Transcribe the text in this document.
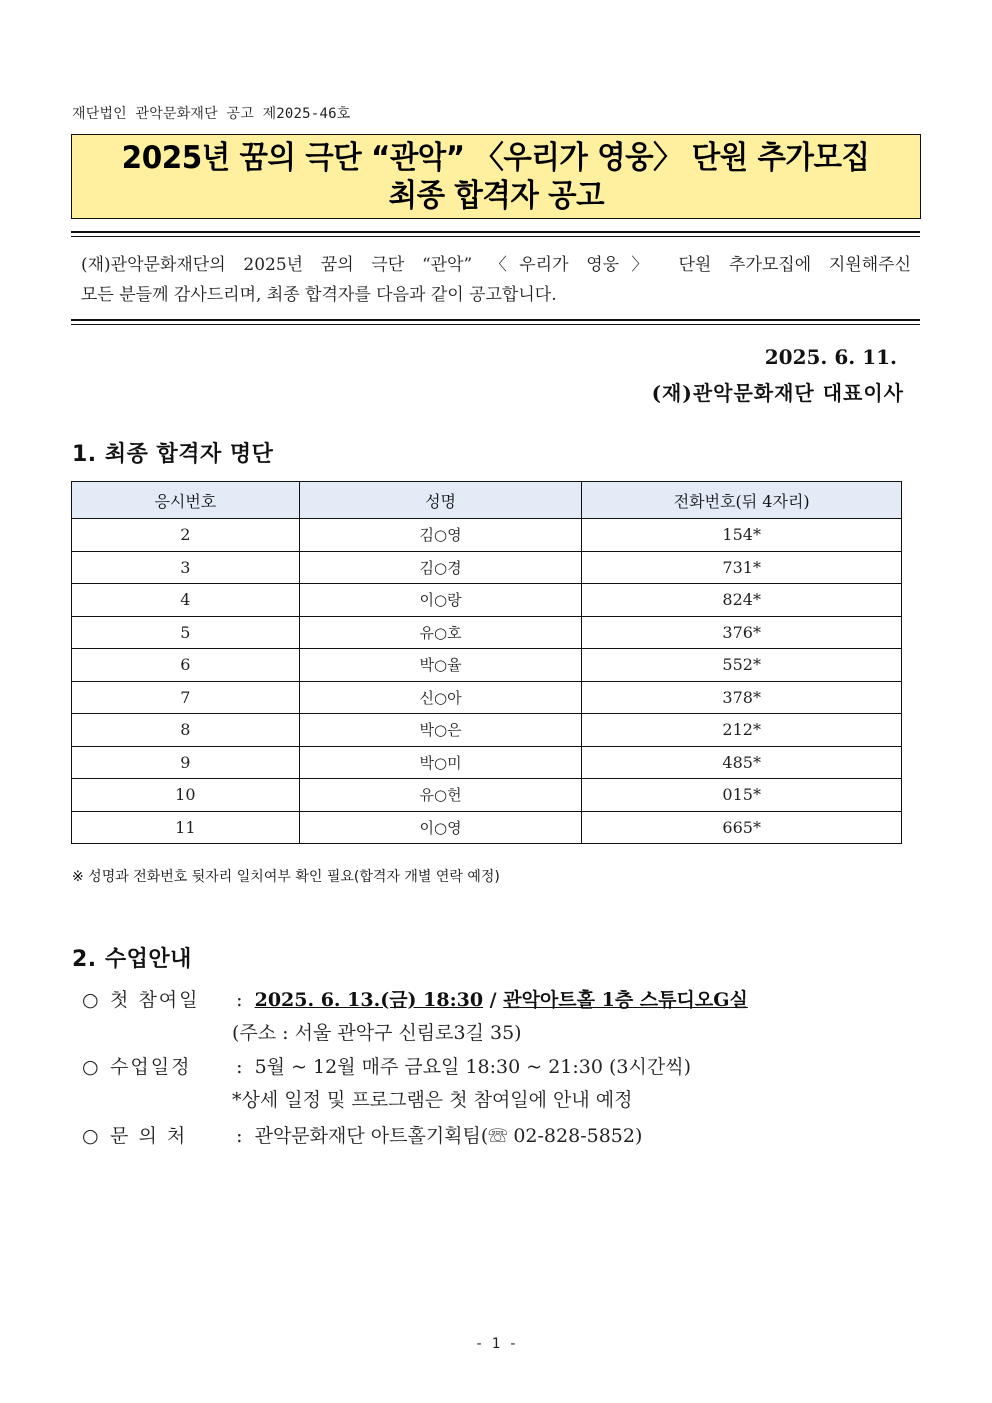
재단법인 관악문화재단 공고 제2025-46호
2025년 꿈의 극단 “관악” 〈우리가 영웅〉 단원 추가모집
최종 합격자 공고
(재)관악문화재단의 2025년 꿈의 극단 “관악” 〈우리가 영웅〉 단원 추가모집에 지원해주신
모든 분들께 감사드리며, 최종 합격자를 다음과 같이 공고합니다.
2025. 6. 11.
(재)관악문화재단 대표이사
1. 최종 합격자 명단
응시번호	성명	전화번호(뒤 4자리)
2	김○영	154*
3	김○경	731*
4	이○랑	824*
5	유○호	376*
6	박○율	552*
7	신○아	378*
8	박○은	212*
9	박○미	485*
10	유○헌	015*
11	이○영	665*
※ 성명과 전화번호 뒷자리 일치여부 확인 필요(합격자 개별 연락 예정)
2. 수업안내
○ 첫 참여일 : 2025. 6. 13.(금) 18:30 / 관악아트홀 1층 스튜디오G실
(주소 : 서울 관악구 신림로3길 35)
○ 수업일정 : 5월 ~ 12월 매주 금요일 18:30 ~ 21:30 (3시간씩)
*상세 일정 및 프로그램은 첫 참여일에 안내 예정
○ 문 의 처	: 관악문화재단 아트홀기획팀(☏ 02-828-5852)
- 1 -
